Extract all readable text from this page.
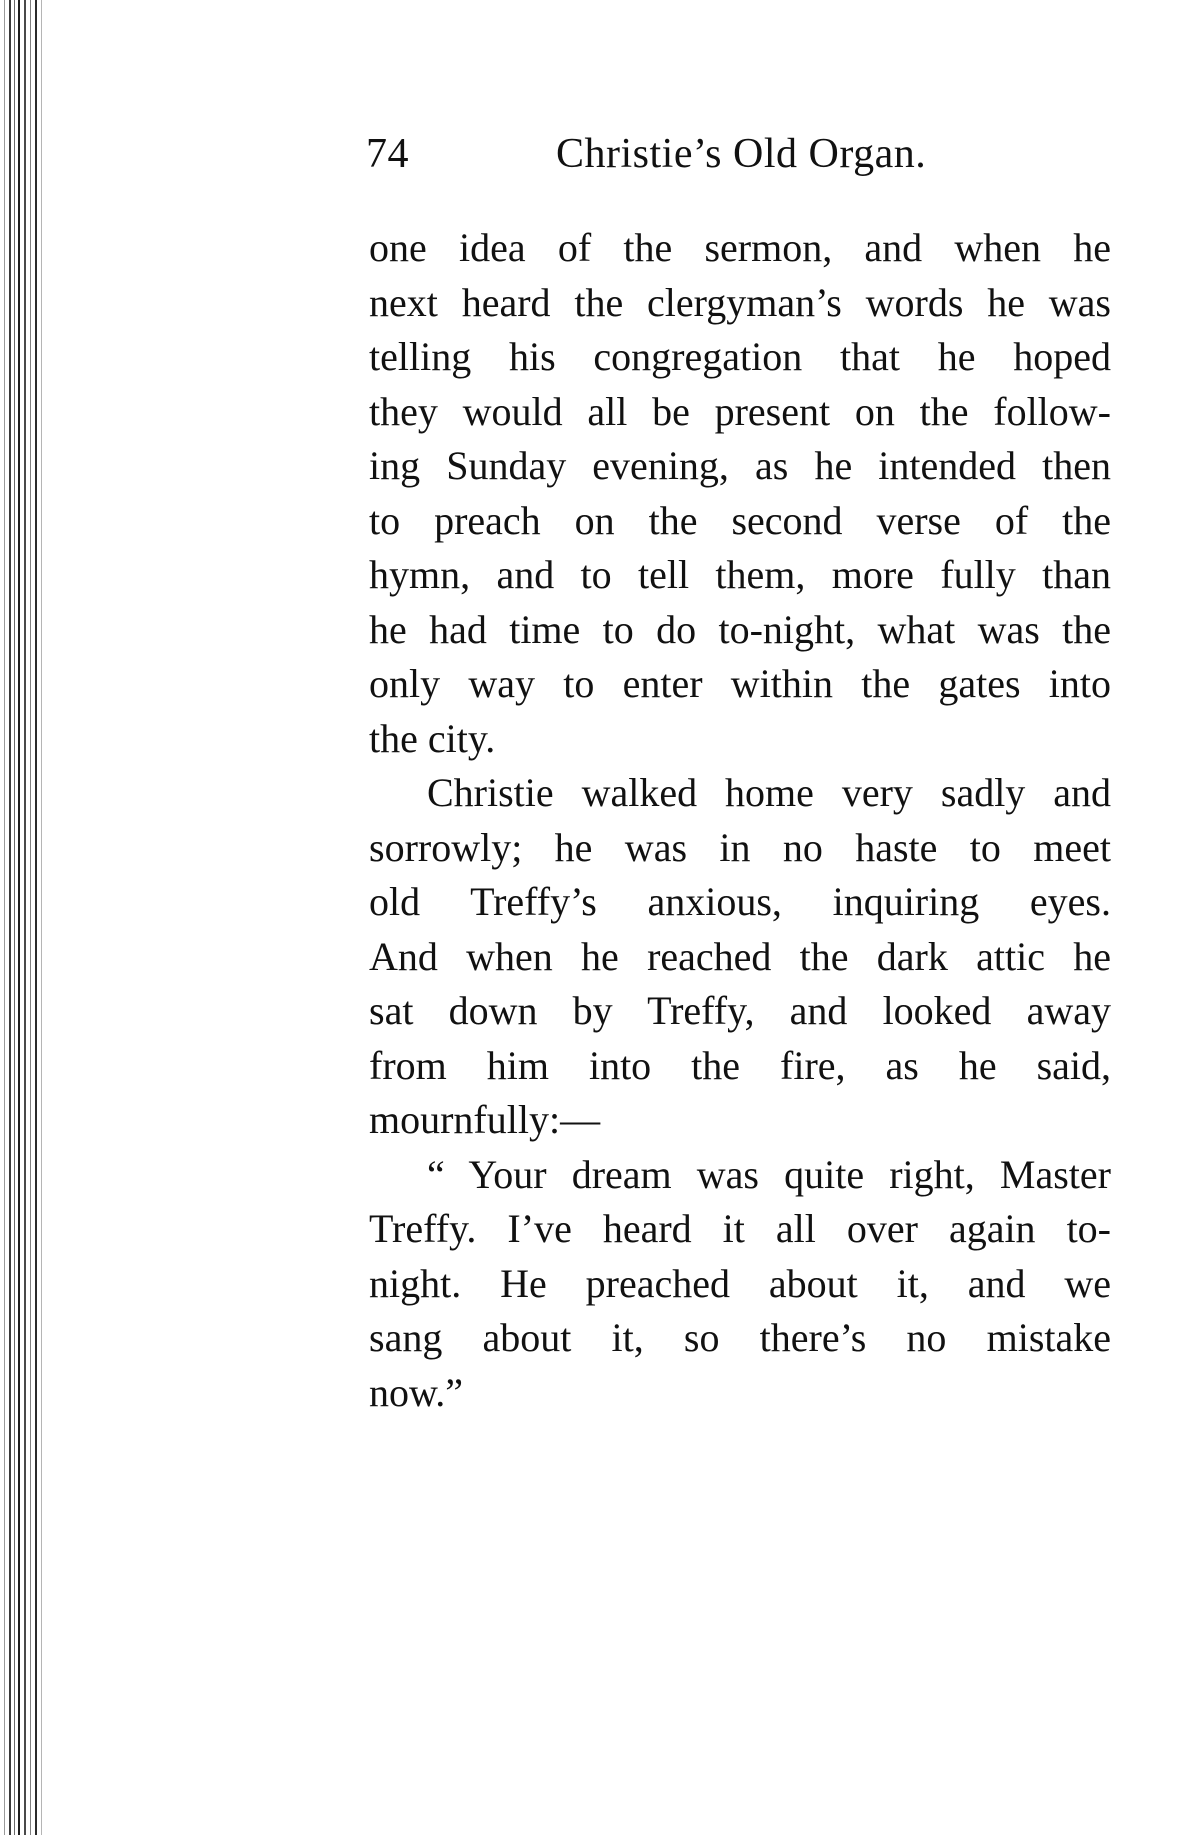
74	Christie’s Old Organ.
one idea of the sermon, and when he
next heard the clergyman’s words he was
telling his congregation that he hoped
they would all be present on the follow-
ing Sunday evening, as he intended then
to preach on the second verse of the
hymn, and to tell them, more fully than
he had time to do to-night, what was the
only way to enter within the gates into
the city.
Christie walked home very sadly and
sorrowly; he was in no haste to meet
old Treffy’s anxious, inquiring eyes.
And when he reached the dark attic he
sat down by Treffy, and looked away
from him into the fire, as he said,
mournfully:—
“ Your dream was quite right, Master
Treffy. I’ve heard it all over again to-
night. He preached about it, and we
sang about it, so there’s no mistake
now.”
